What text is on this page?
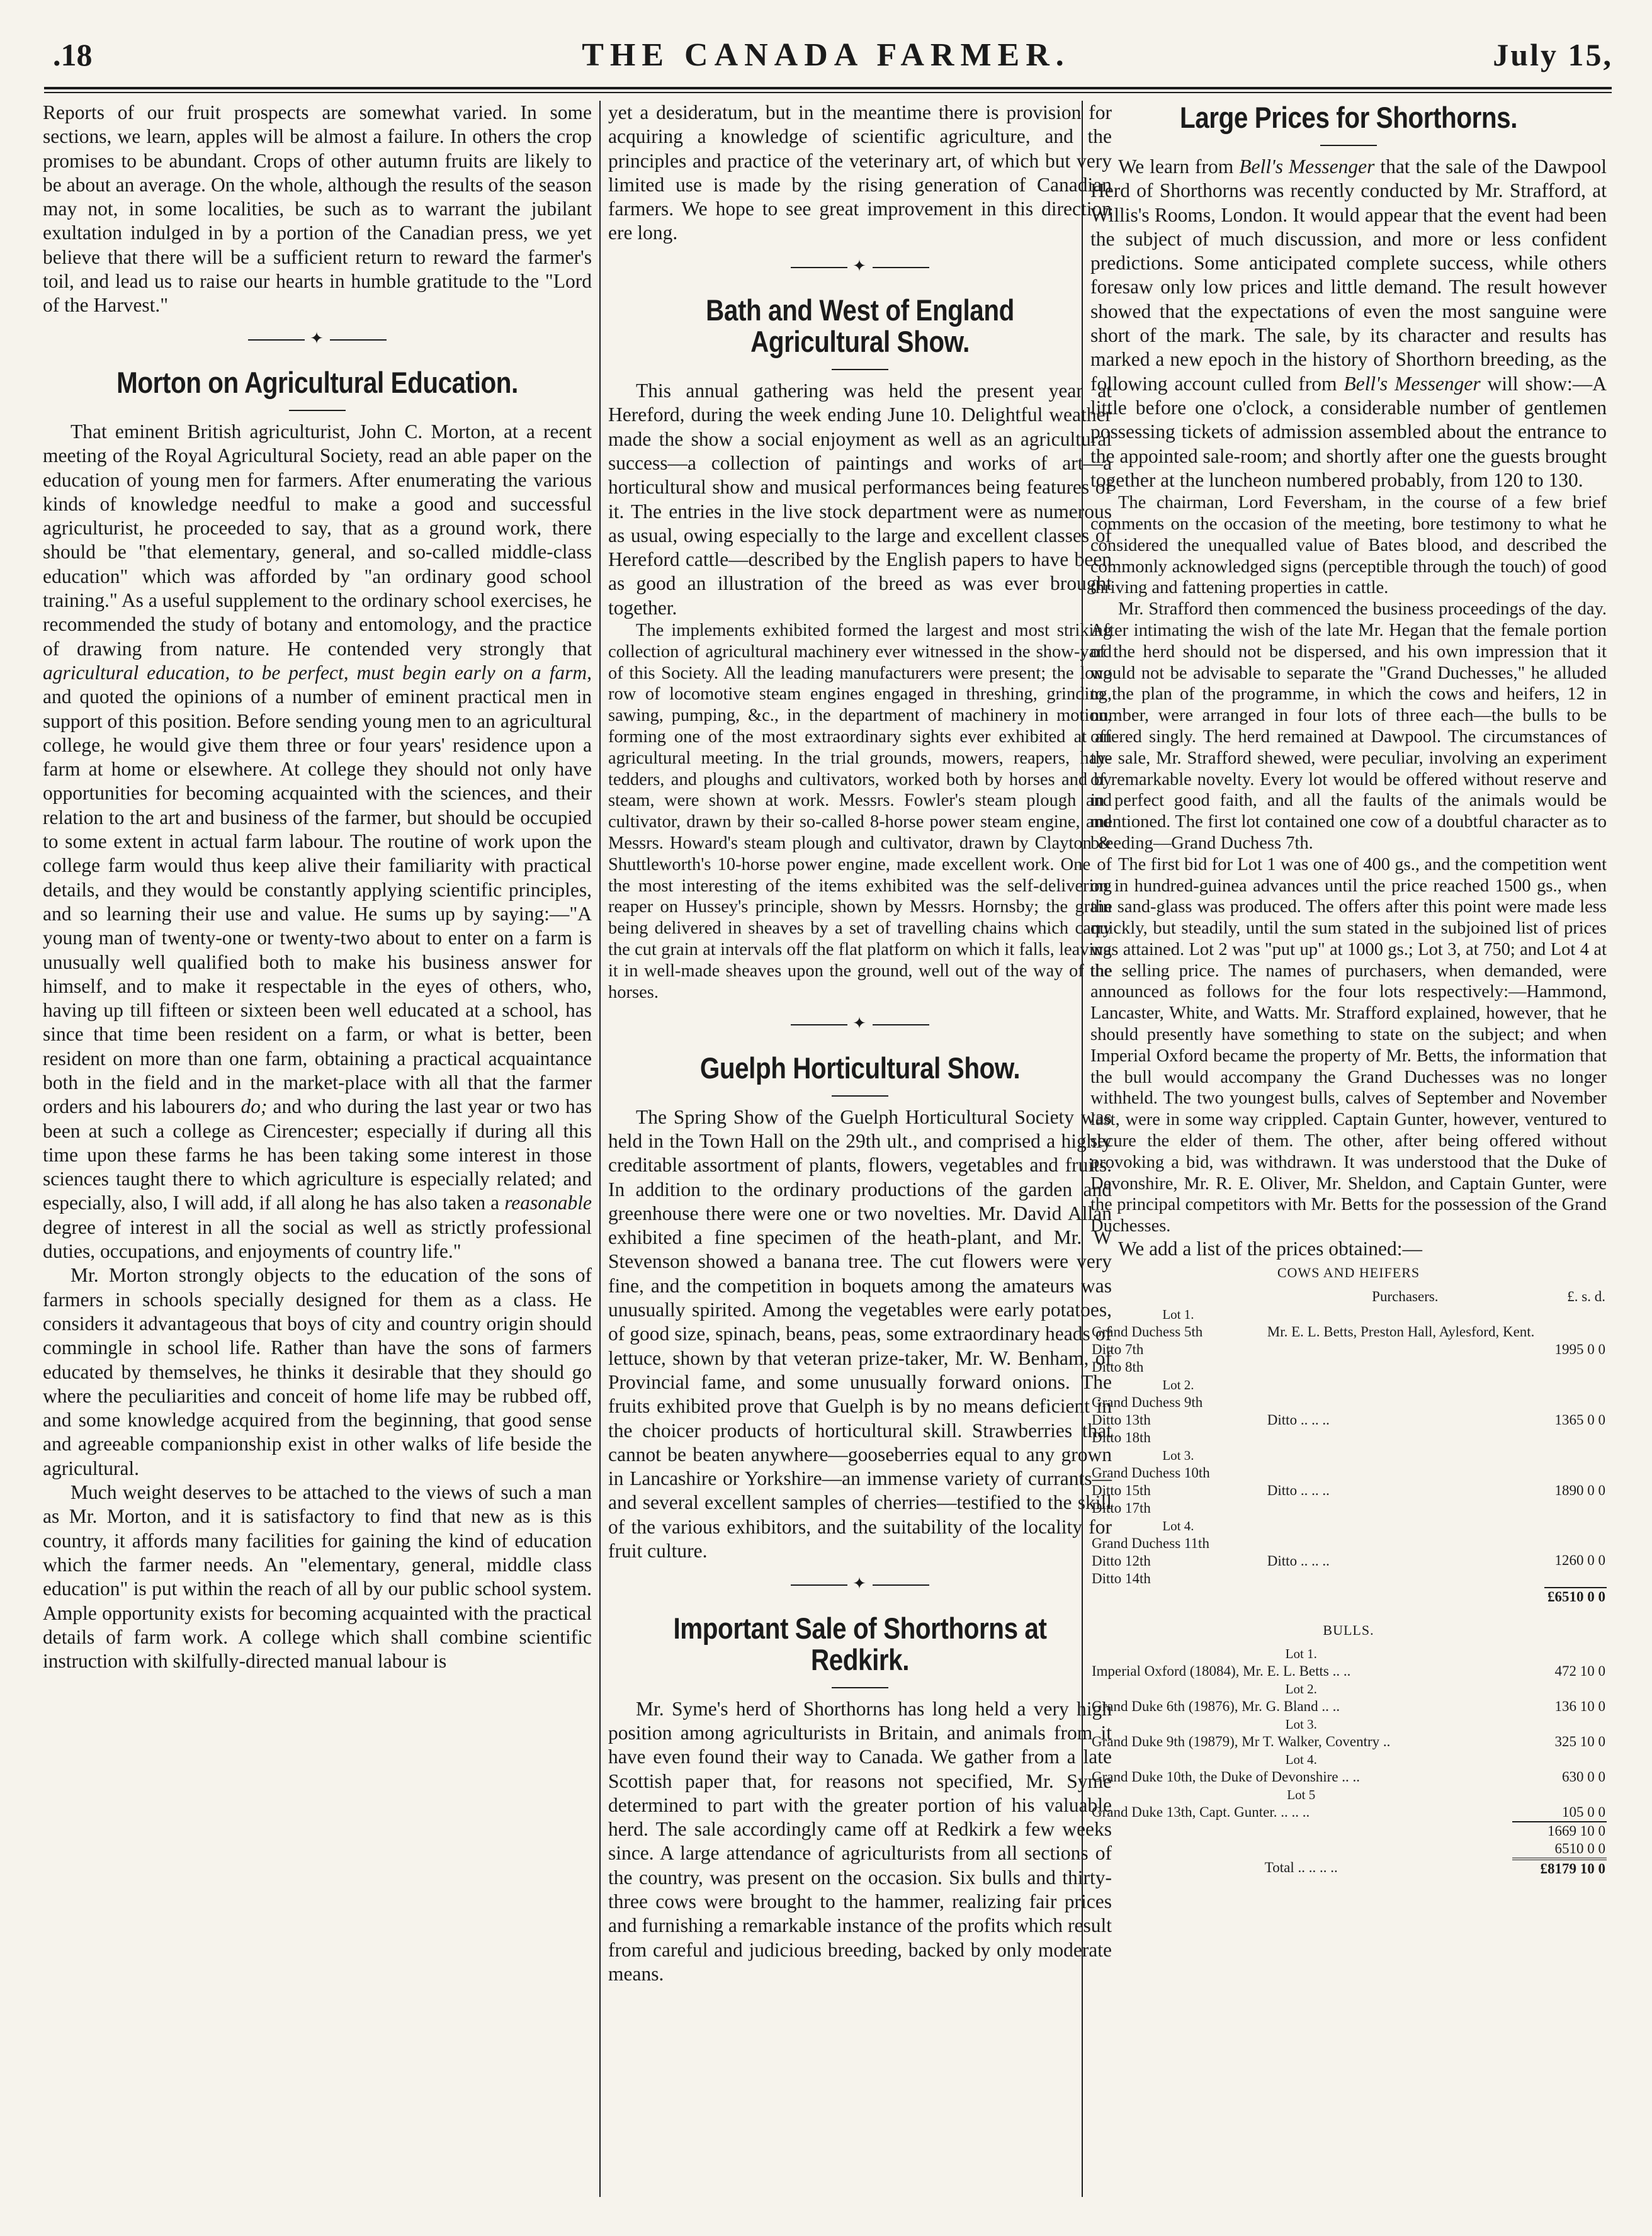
.18	THE CANADA FARMER.	July 15,

Reports of our fruit prospects are somewhat varied. In some sections, we learn, apples will be almost a failure. In others the crop promises to be abundant. Crops of other autumn fruits are likely to be about an average. On the whole, although the results of the season may not, in some localities, be such as to warrant the jubilant exultation indulged in by a portion of the Canadian press, we yet believe that there will be a sufficient return to reward the farmer's toil, and lead us to raise our hearts in humble gratitude to the "Lord of the Harvest."

✦
Morton on Agricultural Education.

That eminent British agriculturist, John C. Morton, at a recent meeting of the Royal Agricultural Society, read an able paper on the education of young men for farmers. After enumerating the various kinds of knowledge needful to make a good and successful agriculturist, he proceeded to say, that as a ground work, there should be "that elementary, general, and so-called middle-class education" which was afforded by "an ordinary good school training." As a useful supplement to the ordinary school exercises, he recommended the study of botany and entomology, and the practice of drawing from nature. He contended very strongly that agricultural education, to be perfect, must begin early on a farm, and quoted the opinions of a number of eminent practical men in support of this position. Before sending young men to an agricultural college, he would give them three or four years' residence upon a farm at home or elsewhere. At college they should not only have opportunities for becoming acquainted with the sciences, and their relation to the art and business of the farmer, but should be occupied to some extent in actual farm labour. The routine of work upon the college farm would thus keep alive their familiarity with practical details, and they would be constantly applying scientific principles, and so learning their use and value. He sums up by saying:—"A young man of twenty-one or twenty-two about to enter on a farm is unusually well qualified both to make his business answer for himself, and to make it respectable in the eyes of others, who, having up till fifteen or sixteen been well educated at a school, has since that time been resident on a farm, or what is better, been resident on more than one farm, obtaining a practical acquaintance both in the field and in the market-place with all that the farmer orders and his labourers do; and who during the last year or two has been at such a college as Cirencester; especially if during all this time upon these farms he has been taking some interest in those sciences taught there to which agriculture is especially related; and especially, also, I will add, if all along he has also taken a reasonable degree of interest in all the social as well as strictly professional duties, occupations, and enjoyments of country life."

Mr. Morton strongly objects to the education of the sons of farmers in schools specially designed for them as a class. He considers it advantageous that boys of city and country origin should commingle in school life. Rather than have the sons of farmers educated by themselves, he thinks it desirable that they should go where the peculiarities and conceit of home life may be rubbed off, and some knowledge acquired from the beginning, that good sense and agreeable companionship exist in other walks of life beside the agricultural.

Much weight deserves to be attached to the views of such a man as Mr. Morton, and it is satisfactory to find that new as is this country, it affords many facilities for gaining the kind of education which the farmer needs. An "elementary, general, middle class education" is put within the reach of all by our public school system. Ample opportunity exists for becoming acquainted with the practical details of farm work. A college which shall combine scientific instruction with skilfully-directed manual labour is

yet a desideratum, but in the meantime there is provision for acquiring a knowledge of scientific agriculture, and the principles and practice of the veterinary art, of which but very limited use is made by the rising generation of Canadian farmers. We hope to see great improvement in this direction ere long.

✦
Bath and West of England Agricultural Show.

This annual gathering was held the present year at Hereford, during the week ending June 10. Delightful weather made the show a social enjoyment as well as an agricultural success—a collection of paintings and works of art—a horticultural show and musical performances being features of it. The entries in the live stock department were as numerous as usual, owing especially to the large and excellent classes of Hereford cattle—described by the English papers to have been as good an illustration of the breed as was ever brought together.

The implements exhibited formed the largest and most striking collection of agricultural machinery ever witnessed in the show-yard of this Society. All the leading manufacturers were present; the long row of locomotive steam engines engaged in threshing, grinding, sawing, pumping, &c., in the department of machinery in motion, forming one of the most extraordinary sights ever exhibited at an agricultural meeting. In the trial grounds, mowers, reapers, hay-tedders, and ploughs and cultivators, worked both by horses and by steam, were shown at work. Messrs. Fowler's steam plough and cultivator, drawn by their so-called 8-horse power steam engine, and Messrs. Howard's steam plough and cultivator, drawn by Clayton & Shuttleworth's 10-horse power engine, made excellent work. One of the most interesting of the items exhibited was the self-delivering reaper on Hussey's principle, shown by Messrs. Hornsby; the grain being delivered in sheaves by a set of travelling chains which carry the cut grain at intervals off the flat platform on which it falls, leaving it in well-made sheaves upon the ground, well out of the way of the horses.

✦
Guelph Horticultural Show.

The Spring Show of the Guelph Horticultural Society was held in the Town Hall on the 29th ult., and comprised a highly creditable assortment of plants, flowers, vegetables and fruits. In addition to the ordinary productions of the garden and greenhouse there were one or two novelties. Mr. David Allan exhibited a fine specimen of the heath-plant, and Mr. W Stevenson showed a banana tree. The cut flowers were very fine, and the competition in boquets among the amateurs was unusually spirited. Among the vegetables were early potatoes, of good size, spinach, beans, peas, some extraordinary heads of lettuce, shown by that veteran prize-taker, Mr. W. Benham, of Provincial fame, and some unusually forward onions. The fruits exhibited prove that Guelph is by no means deficient in the choicer products of horticultural skill. Strawberries that cannot be beaten anywhere—gooseberries equal to any grown in Lancashire or Yorkshire—an immense variety of currants—and several excellent samples of cherries—testified to the skill of the various exhibitors, and the suitability of the locality for fruit culture.

✦
Important Sale of Shorthorns at Redkirk.

Mr. Syme's herd of Shorthorns has long held a very high position among agriculturists in Britain, and animals from it have even found their way to Canada. We gather from a late Scottish paper that, for reasons not specified, Mr. Syme determined to part with the greater portion of his valuable herd. The sale accordingly came off at Redkirk a few weeks since. A large attendance of agriculturists from all sections of the country, was present on the occasion. Six bulls and thirty-three cows were brought to the hammer, realizing fair prices and furnishing a remarkable instance of the profits which result from careful and judicious breeding, backed by only moderate means.

Large Prices for Shorthorns.

We learn from Bell's Messenger that the sale of the Dawpool Herd of Shorthorns was recently conducted by Mr. Strafford, at Willis's Rooms, London. It would appear that the event had been the subject of much discussion, and more or less confident predictions. Some anticipated complete success, while others foresaw only low prices and little demand. The result however showed that the expectations of even the most sanguine were short of the mark. The sale, by its character and results has marked a new epoch in the history of Shorthorn breeding, as the following account culled from Bell's Messenger will show:—A little before one o'clock, a considerable number of gentlemen possessing tickets of admission assembled about the entrance to the appointed sale-room; and shortly after one the guests brought together at the luncheon numbered probably, from 120 to 130.

The chairman, Lord Feversham, in the course of a few brief comments on the occasion of the meeting, bore testimony to what he considered the unequalled value of Bates blood, and described the commonly acknowledged signs (perceptible through the touch) of good thriving and fattening properties in cattle.

Mr. Strafford then commenced the business proceedings of the day. After intimating the wish of the late Mr. Hegan that the female portion of the herd should not be dispersed, and his own impression that it would not be advisable to separate the "Grand Duchesses," he alluded to the plan of the programme, in which the cows and heifers, 12 in number, were arranged in four lots of three each—the bulls to be offered singly. The herd remained at Dawpool. The circumstances of the sale, Mr. Strafford shewed, were peculiar, involving an experiment of remarkable novelty. Every lot would be offered without reserve and in perfect good faith, and all the faults of the animals would be mentioned. The first lot contained one cow of a doubtful character as to breeding—Grand Duchess 7th.

The first bid for Lot 1 was one of 400 gs., and the competition went on in hundred-guinea advances until the price reached 1500 gs., when the sand-glass was produced. The offers after this point were made less quickly, but steadily, until the sum stated in the subjoined list of prices was attained. Lot 2 was "put up" at 1000 gs.; Lot 3, at 750; and Lot 4 at the selling price. The names of purchasers, when demanded, were announced as follows for the four lots respectively:—Hammond, Lancaster, White, and Watts. Mr. Strafford explained, however, that he should presently have something to state on the subject; and when Imperial Oxford became the property of Mr. Betts, the information that the bull would accompany the Grand Duchesses was no longer withheld. The two youngest bulls, calves of September and November last, were in some way crippled. Captain Gunter, however, ventured to secure the elder of them. The other, after being offered without provoking a bid, was withdrawn. It was understood that the Duke of Devonshire, Mr. R. E. Oliver, Mr. Sheldon, and Captain Gunter, were the principal competitors with Mr. Betts for the possession of the Grand Duchesses.

We add a list of the prices obtained:—

COWS AND HEIFERS
	Purchasers.	£. s. d.
Lot 1.		
Grand Duchess 5th	Mr. E. L. Betts, Preston Hall, Aylesford, Kent.	1995 0 0
Ditto 7th		
Ditto 8th		
Lot 2.		
Grand Duchess 9th	Ditto .. .. ..	1365 0 0
Ditto 13th		
Ditto 18th		
Lot 3.		
Grand Duchess 10th	Ditto .. .. ..	1890 0 0
Ditto 15th		
Ditto 17th		
Lot 4.		
Grand Duchess 11th	Ditto .. .. ..	1260 0 0
Ditto 12th		
Ditto 14th		
		£6510 0 0
BULLS.
Lot 1.	
Imperial Oxford (18084), Mr. E. L. Betts .. ..	472 10 0
Lot 2.	
Grand Duke 6th (19876), Mr. G. Bland .. ..	136 10 0
Lot 3.	
Grand Duke 9th (19879), Mr T. Walker, Coventry ..	325 10 0
Lot 4.	
Grand Duke 10th, the Duke of Devonshire .. ..	630 0 0
Lot 5	
Grand Duke 13th, Capt. Gunter. .. .. ..	105 0 0
	1669 10 0
	6510 0 0
Total .. .. .. ..	£8179 10 0
